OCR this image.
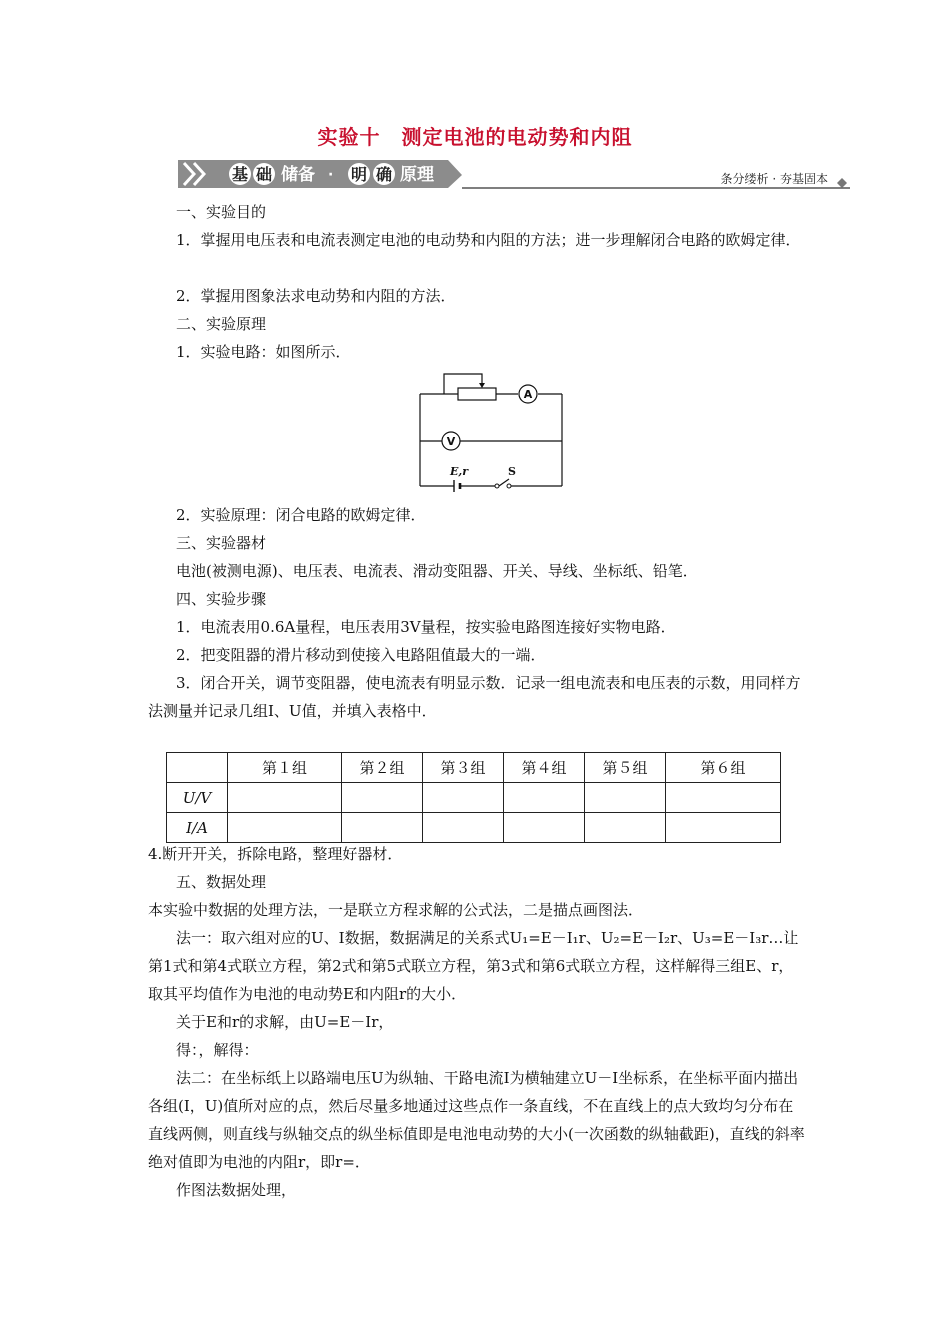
实验十　测定电池的电动势和内阻
基 础 储备 · 明 确 原理	条分缕析 · 夯基固本

一、实验目的

1．掌握用电压表和电流表测定电池的电动势和内阻的方法；进一步理解闭合电路的欧姆定律．

2．掌握用图象法求电动势和内阻的方法．

二、实验原理

1．实验电路：如图所示．

A
V
E,r	S

2．实验原理：闭合电路的欧姆定律．

三、实验器材

电池(被测电源)、电压表、电流表、滑动变阻器、开关、导线、坐标纸、铅笔．

四、实验步骤

1．电流表用0.6A量程，电压表用3V量程，按实验电路图连接好实物电路．

2．把变阻器的滑片移动到使接入电路阻值最大的一端．

3．闭合开关，调节变阻器，使电流表有明显示数．记录一组电流表和电压表的示数，用同样方法测量并记录几组I、U值，并填入表格中．

	第１组	第２组	第３组	第４组	第５组	第６组
U/V						
I/A						

4.断开开关，拆除电路，整理好器材．

五、数据处理

本实验中数据的处理方法，一是联立方程求解的公式法，二是描点画图法．

法一：取六组对应的U、I数据，数据满足的关系式U₁=E－I₁r、U₂=E－I₂r、U₃=E－I₃r…让第1式和第4式联立方程，第2式和第5式联立方程，第3式和第6式联立方程，这样解得三组E、r，取其平均值作为电池的电动势E和内阻r的大小．

关于E和r的求解，由U=E－Ir，

得：，解得：

法二：在坐标纸上以路端电压U为纵轴、干路电流I为横轴建立U－I坐标系，在坐标平面内描出各组(I，U)值所对应的点，然后尽量多地通过这些点作一条直线，不在直线上的点大致均匀分布在直线两侧，则直线与纵轴交点的纵坐标值即是电池电动势的大小(一次函数的纵轴截距)，直线的斜率绝对值即为电池的内阻r，即r=．

作图法数据处理，
